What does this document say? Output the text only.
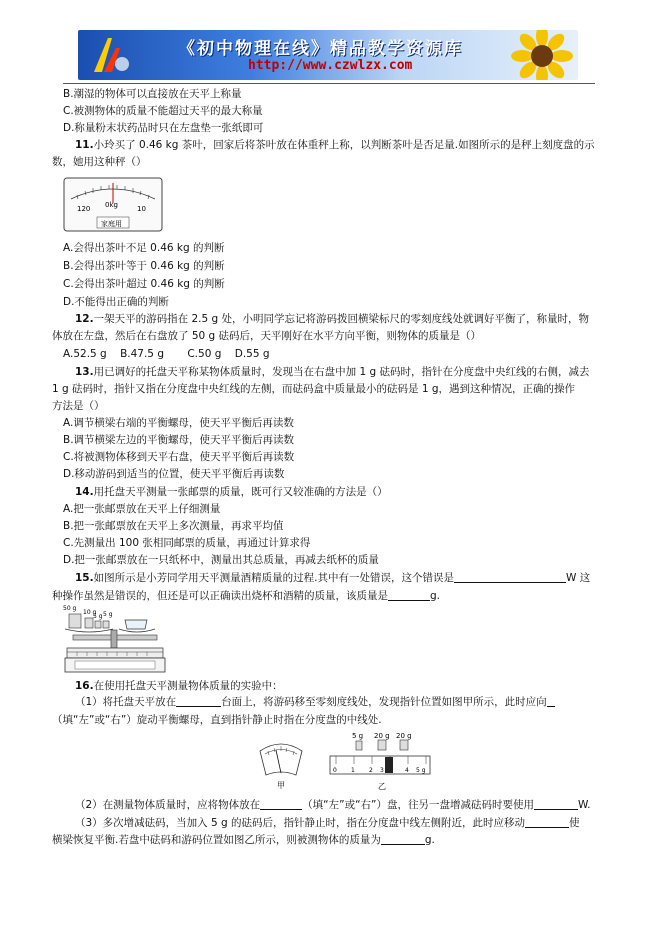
《初中物理在线》精品教学资源库
http://www.czwlzx.com
B.潮湿的物体可以直接放在天平上称量
C.被测物体的质量不能超过天平的最大称量
D.称量粉末状药品时只在左盘垫一张纸即可
11.小玲买了 0.46 kg 茶叶，回家后将茶叶放在体重秤上称，以判断茶叶是否足量.如图所示的是秤上刻度盘的示
数，她用这种秤（）
120 0kg	10
家庭用
A.会得出茶叶不足 0.46 kg 的判断
B.会得出茶叶等于 0.46 kg 的判断
C.会得出茶叶超过 0.46 kg 的判断
D.不能得出正确的判断
12.一架天平的游码指在 2.5 g 处，小明同学忘记将游码拨回横梁标尺的零刻度线处就调好平衡了，称量时，物
体放在左盘，然后在右盘放了 50 g 砝码后，天平刚好在水平方向平衡，则物体的质量是（）
A.52.5 g    B.47.5 g       C.50 g    D.55 g
13.用已调好的托盘天平称某物体质量时，发现当在右盘中加 1 g 砝码时，指针在分度盘中央红线的右侧，减去
1 g 砝码时，指针又指在分度盘中央红线的左侧，而砝码盒中质量最小的砝码是 1 g，遇到这种情况，正确的操作
方法是（）
A.调节横梁右端的平衡螺母，使天平平衡后再读数
B.调节横梁左边的平衡螺母，使天平平衡后再读数
C.将被测物体移到天平右盘，使天平平衡后再读数
D.移动游码到适当的位置，使天平平衡后再读数
14.用托盘天平测量一张邮票的质量，既可行又较准确的方法是（）
A.把一张邮票放在天平上仔细测量
B.把一张邮票放在天平上多次测量，再求平均值
C.先测量出 100 张相同邮票的质量，再通过计算求得
D.把一张邮票放在一只纸杯中，测量出其总质量，再减去纸杯的质量
15.如图所示是小芳同学用天平测量酒精质量的过程.其中有一处错误，这个错误是	W 这
种操作虽然是错误的，但还是可以正确读出烧杯和酒精的质量，该质量是	g.
50 g
10 g
5 g 5 g
16.在使用托盘天平测量物体质量的实验中：
（1）将托盘天平放在	台面上，将游码移至零刻度线处，发现指针位置如图甲所示，此时应向
（填“左”或“右”）旋动平衡螺母，直到指针静止时指在分度盘的中线处.
甲
5 g 20 g 20 g
0 1 2 3	4 5 g
乙
（2）在测量物体质量时，应将物体放在	（填“左”或“右”）盘，往另一盘增减砝码时要使用	W.
（3）多次增减砝码，当加入 5 g 的砝码后，指针静止时，指在分度盘中线左侧附近，此时应移动	使
横梁恢复平衡.若盘中砝码和游码位置如图乙所示，则被测物体的质量为	g.
